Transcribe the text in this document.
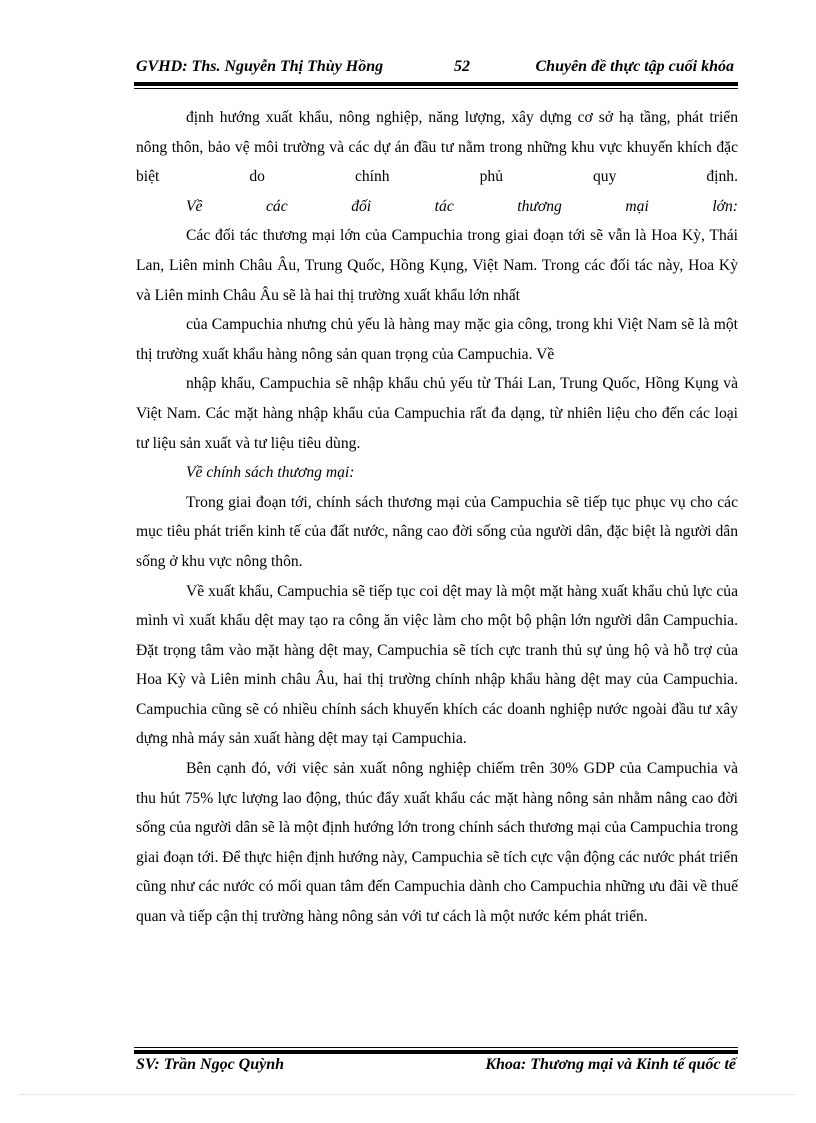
GVHD: Ths. Nguyễn Thị Thùy Hồng	52	Chuyên đề thực tập cuối khóa

định hướng xuất khẩu, nông nghiệp, năng lượng, xây dựng cơ sở hạ tầng, phát triển nông thôn, bảo vệ môi trường và các dự án đầu tư nằm trong những khu vực khuyến khích đặc biệt do chính phủ quy định.

Về các đối tác thương mại lớn:

Các đối tác thương mại lớn của Campuchia trong giai đoạn tới sẽ vẫn là Hoa Kỳ, Thái Lan, Liên minh Châu Âu, Trung Quốc, Hồng Kụng, Việt Nam. Trong các đối tác này, Hoa Kỳ và Liên minh Châu Âu sẽ là hai thị trường xuất khẩu lớn nhất

của Campuchia nhưng chủ yếu là hàng may mặc gia công, trong khi Việt Nam sẽ là một thị trường xuất khẩu hàng nông sản quan trọng của Campuchia. Về

nhập khẩu, Campuchia sẽ nhập khẩu chủ yếu từ Thái Lan, Trung Quốc, Hồng Kụng và Việt Nam. Các mặt hàng nhập khẩu của Campuchia rất đa dạng, từ nhiên liệu cho đến các loại tư liệu sản xuất và tư liệu tiêu dùng.

Về chính sách thương mại:

Trong giai đoạn tới, chính sách thương mại của Campuchia sẽ tiếp tục phục vụ cho các mục tiêu phát triển kinh tế của đất nước, nâng cao đời sống của người dân, đặc biệt là người dân sống ở khu vực nông thôn.

Về xuất khẩu, Campuchia sẽ tiếp tục coi dệt may là một mặt hàng xuất khẩu chủ lực của mình vì xuất khẩu dệt may tạo ra công ăn việc làm cho một bộ phận lớn người dân Campuchia. Đặt trọng tâm vào mặt hàng dệt may, Campuchia sẽ tích cực tranh thủ sự ủng hộ và hỗ trợ của Hoa Kỳ và Liên minh châu Âu, hai thị trường chính nhập khẩu hàng dệt may của Campuchia. Campuchia cũng sẽ có nhiều chính sách khuyến khích các doanh nghiệp nước ngoài đầu tư xây dựng nhà máy sản xuất hàng dệt may tại Campuchia.

Bên cạnh đó, với việc sản xuất nông nghiệp chiếm trên 30% GDP của Campuchia và thu hút 75% lực lượng lao động, thúc đẩy xuất khẩu các mặt hàng nông sản nhằm nâng cao đời sống của người dân sẽ là một định hướng lớn trong chính sách thương mại của Campuchia trong giai đoạn tới. Để thực hiện định hướng này, Campuchia sẽ tích cực vận động các nước phát triển cũng như các nước có mối quan tâm đến Campuchia dành cho Campuchia những ưu đãi về thuế quan và tiếp cận thị trường hàng nông sản với tư cách là một nước kém phát triển.

SV: Trần Ngọc Quỳnh	Khoa: Thương mại và Kinh tế quốc tế
